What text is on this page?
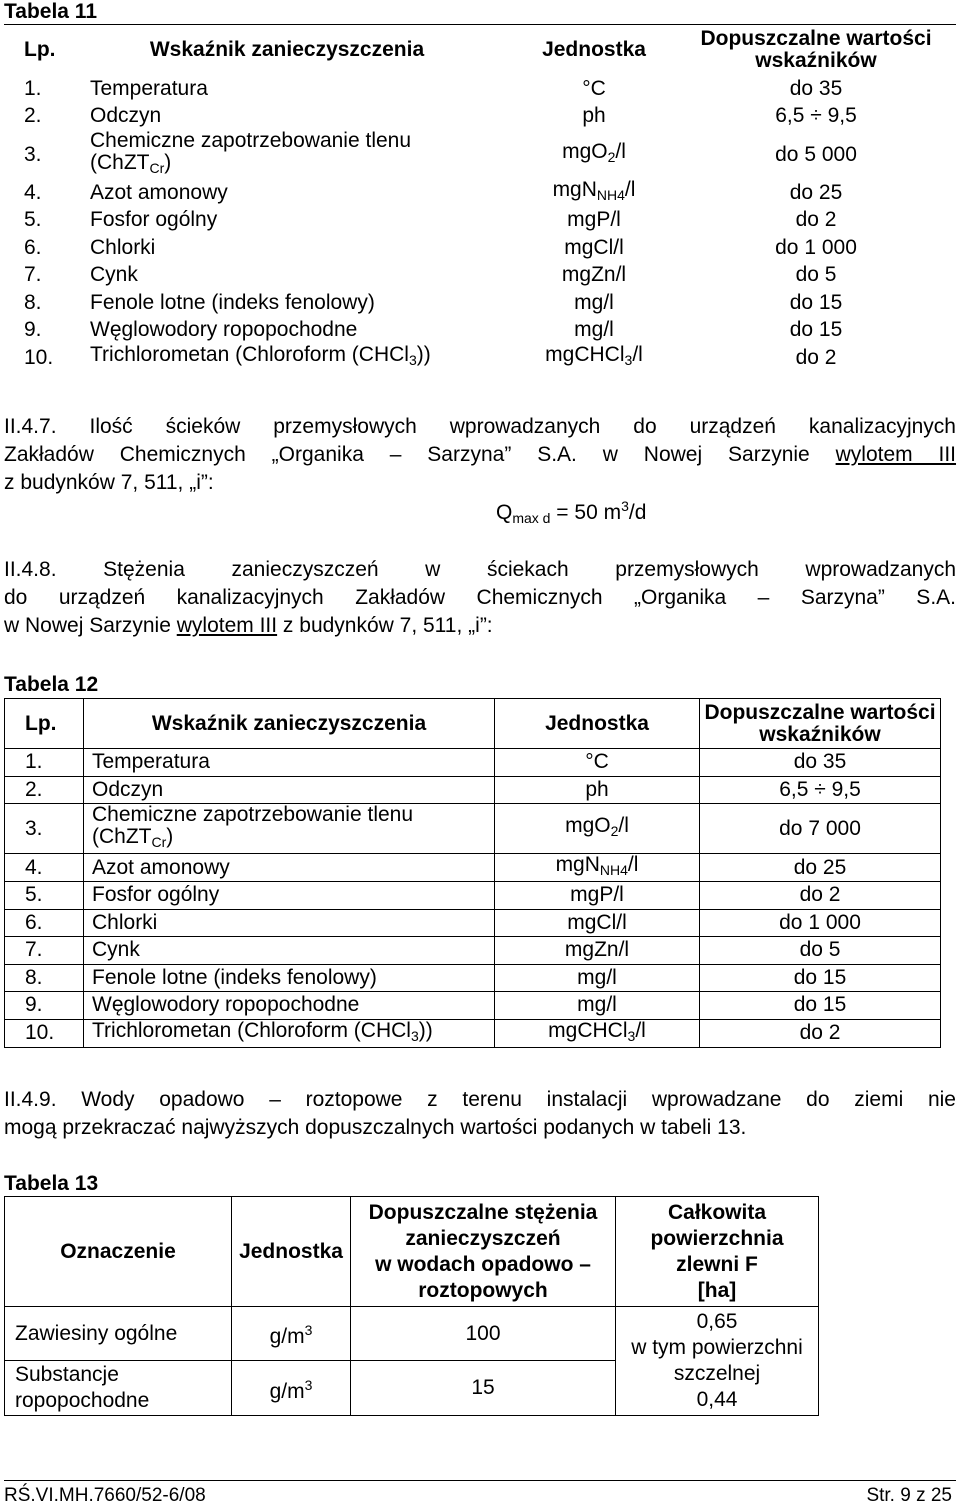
Tabela 11
Lp.	Wskaźnik zanieczyszczenia	Jednostka	Dopuszczalne wartości
wskaźników
1.	Temperatura	°C	do 35
2.	Odczyn	ph	6,5 ÷ 9,5
3.	Chemiczne zapotrzebowanie tlenu
(ChZT$_{Cr}$)	mgO$_2$/l	do 5 000
4.	Azot amonowy	mgN$_{NH4}$/l	do 25
5.	Fosfor ogólny	mgP/l	do 2
6.	Chlorki	mgCl/l	do 1 000
7.	Cynk	mgZn/l	do 5
8.	Fenole lotne (indeks fenolowy)	mg/l	do 15
9.	Węglowodory ropopochodne	mg/l	do 15
10.	Trichlorometan (Chloroform (CHCl$_3$))	mgCHCl$_3$/l	do 2
II.4.7. Ilość ścieków przemysłowych wprowadzanych do urządzeń kanalizacyjnych
Zakładów Chemicznych „Organika – Sarzyna” S.A. w Nowej Sarzynie wylotem III
z budynków 7, 511, „i”:
$Q_{max d} = 50$ $m^3/d$
II.4.8. Stężenia zanieczyszczeń w ściekach przemysłowych wprowadzanych
do urządzeń kanalizacyjnych Zakładów Chemicznych „Organika – Sarzyna” S.A.
w Nowej Sarzynie wylotem III z budynków 7, 511, „i”:
Tabela 12
Lp.	Wskaźnik zanieczyszczenia	Jednostka	Dopuszczalne wartości
wskaźników
1.	Temperatura	°C	do 35
2.	Odczyn	ph	6,5 ÷ 9,5
3.	Chemiczne zapotrzebowanie tlenu
(ChZT$_{Cr}$)	mgO$_2$/l	do 7 000
4.	Azot amonowy	mgN$_{NH4}$/l	do 25
5.	Fosfor ogólny	mgP/l	do 2
6.	Chlorki	mgCl/l	do 1 000
7.	Cynk	mgZn/l	do 5
8.	Fenole lotne (indeks fenolowy)	mg/l	do 15
9.	Węglowodory ropopochodne	mg/l	do 15
10.	Trichlorometan (Chloroform (CHCl$_3$))	mgCHCl$_3$/l	do 2
II.4.9. Wody opadowo – roztopowe z terenu instalacji wprowadzane do ziemi nie
mogą przekraczać najwyższych dopuszczalnych wartości podanych w tabeli 13.
Tabela 13
Oznaczenie	Jednostka	Dopuszczalne stężenia
zanieczyszczeń
w wodach opadowo –
roztopowych	Całkowita
powierzchnia
zlewni F
[ha]
Zawiesiny ogólne	$g/m^3$	100	0,65
w tym powierzchni
szczelnej
0,44
Substancje ropopochodne	$g/m^3$	15	
RŚ.VI.MH.7660/52-6/08	Str. 9 z 25
